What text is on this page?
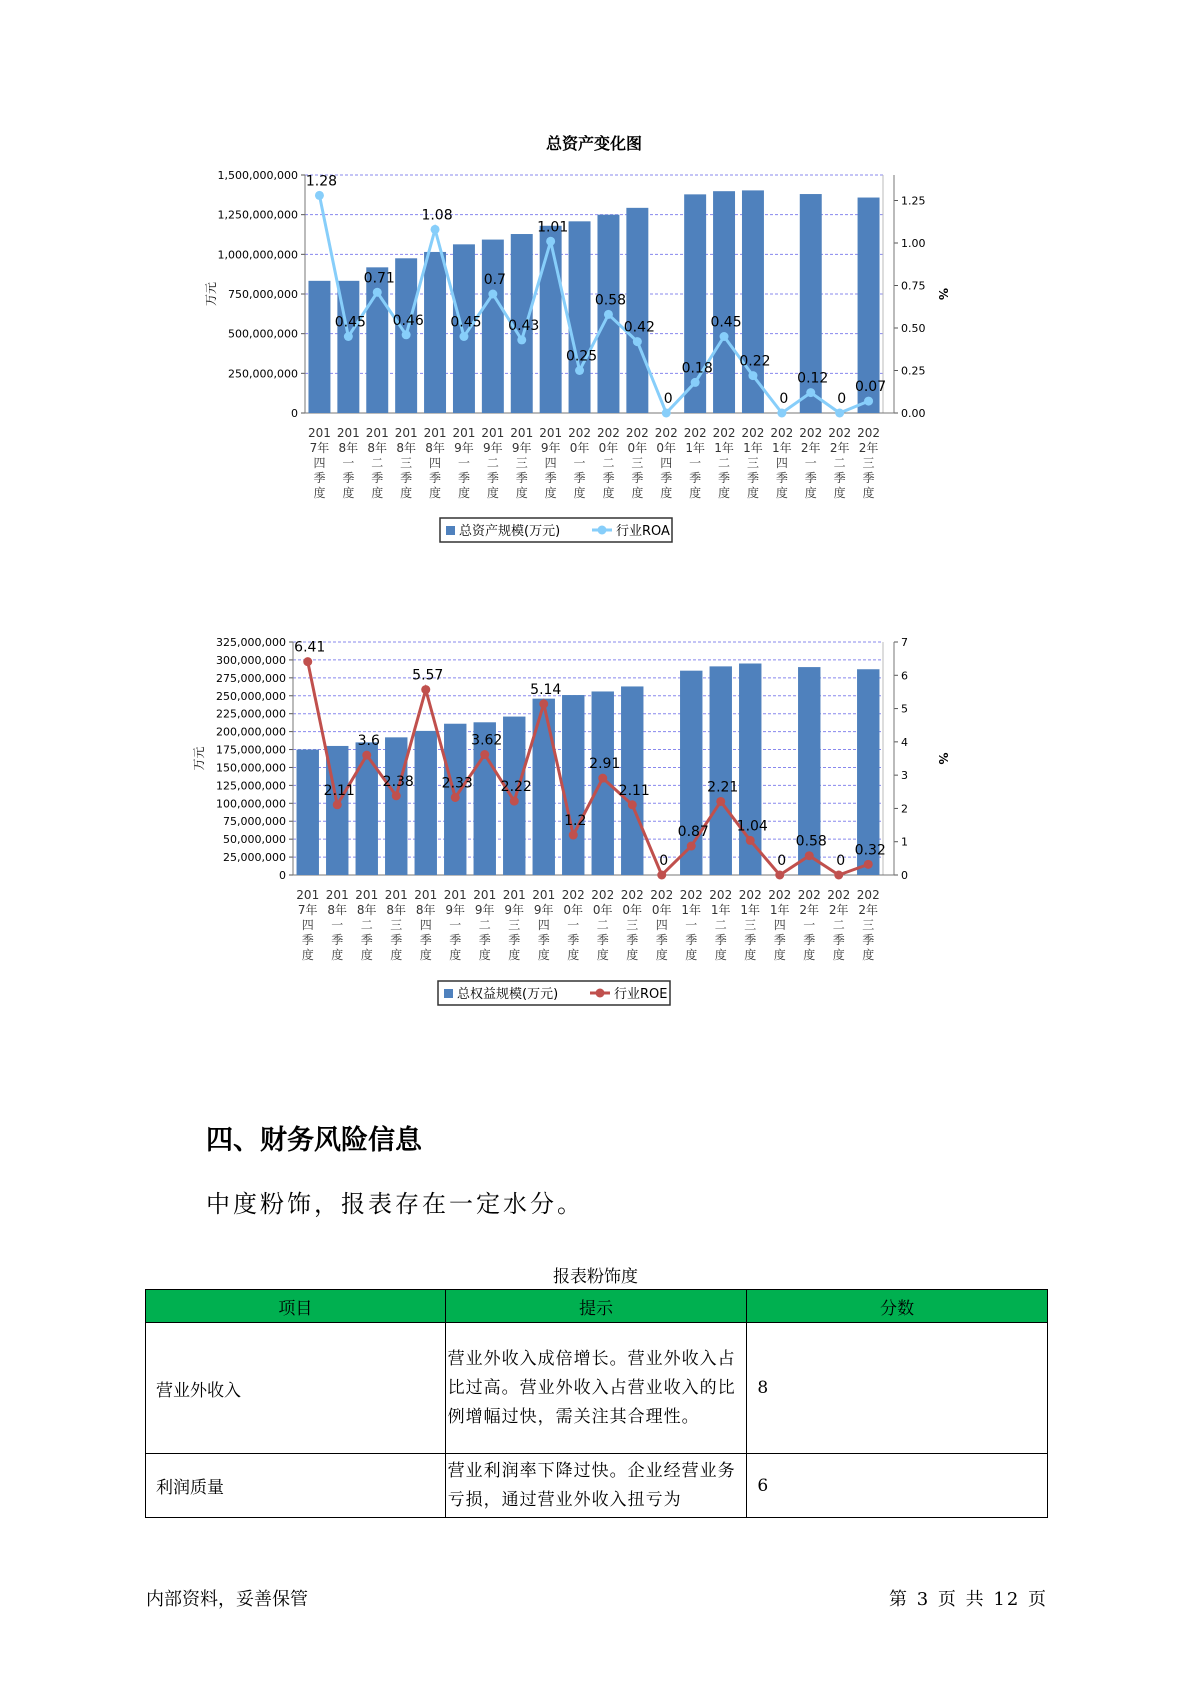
总资产变化图
0
250,000,000
500,000,000
750,000,000
1,000,000,000
1,250,000,000
1,500,000,000
0.00
0.25
0.50
0.75
1.00
1.25
万元	%
1.28
0.45
0.71
0.46
1.08
0.45
0.7
0.43
1.01
0.25
0.58
0.42
0
0.18
0.45
0.22
0
0.12
0
0.07
201 7年四季度
201 8年一季度
201 8年二季度
201 8年三季度
201 8年四季度
201 9年一季度
201 9年二季度
201 9年三季度
201 9年四季度
202 0年一季度
202 0年二季度
202 0年三季度
202 0年四季度
202 1年一季度
202 1年二季度
202 1年三季度
202 1年四季度
202 2年一季度
202 2年二季度
202 2年三季度
总资产规模(万元)	行业ROA
0
25,000,000
50,000,000
75,000,000
100,000,000
125,000,000
150,000,000
175,000,000
200,000,000
225,000,000
250,000,000
275,000,000
300,000,000
325,000,000
0
1
2
3
4
5
6
7
万元	%
6.41
2.11
3.6
2.38
5.57
2.33
3.62
2.22
5.14
1.2
2.91
2.11
0
0.87
2.21
1.04
0
0.58
0
0.32
201 7年四季度
201 8年一季度
201 8年二季度
201 8年三季度
201 8年四季度
201 9年一季度
201 9年二季度
201 9年三季度
201 9年四季度
202 0年一季度
202 0年二季度
202 0年三季度
202 0年四季度
202 1年一季度
202 1年二季度
202 1年三季度
202 1年四季度
202 2年一季度
202 2年二季度
202 2年三季度
总权益规模(万元)	行业ROE
四、财务风险信息
中度粉饰，报表存在一定水分。
报表粉饰度
项目	提示	分数
营业外收入	营业外收入成倍增长。营业外收入占比过高。营业外收入占营业收入的比例增幅过快，需关注其合理性。	8
利润质量	营业利润率下降过快。企业经营业务亏损，通过营业外收入扭亏为	6
内部资料，妥善保管	第 3 页 共 12 页
